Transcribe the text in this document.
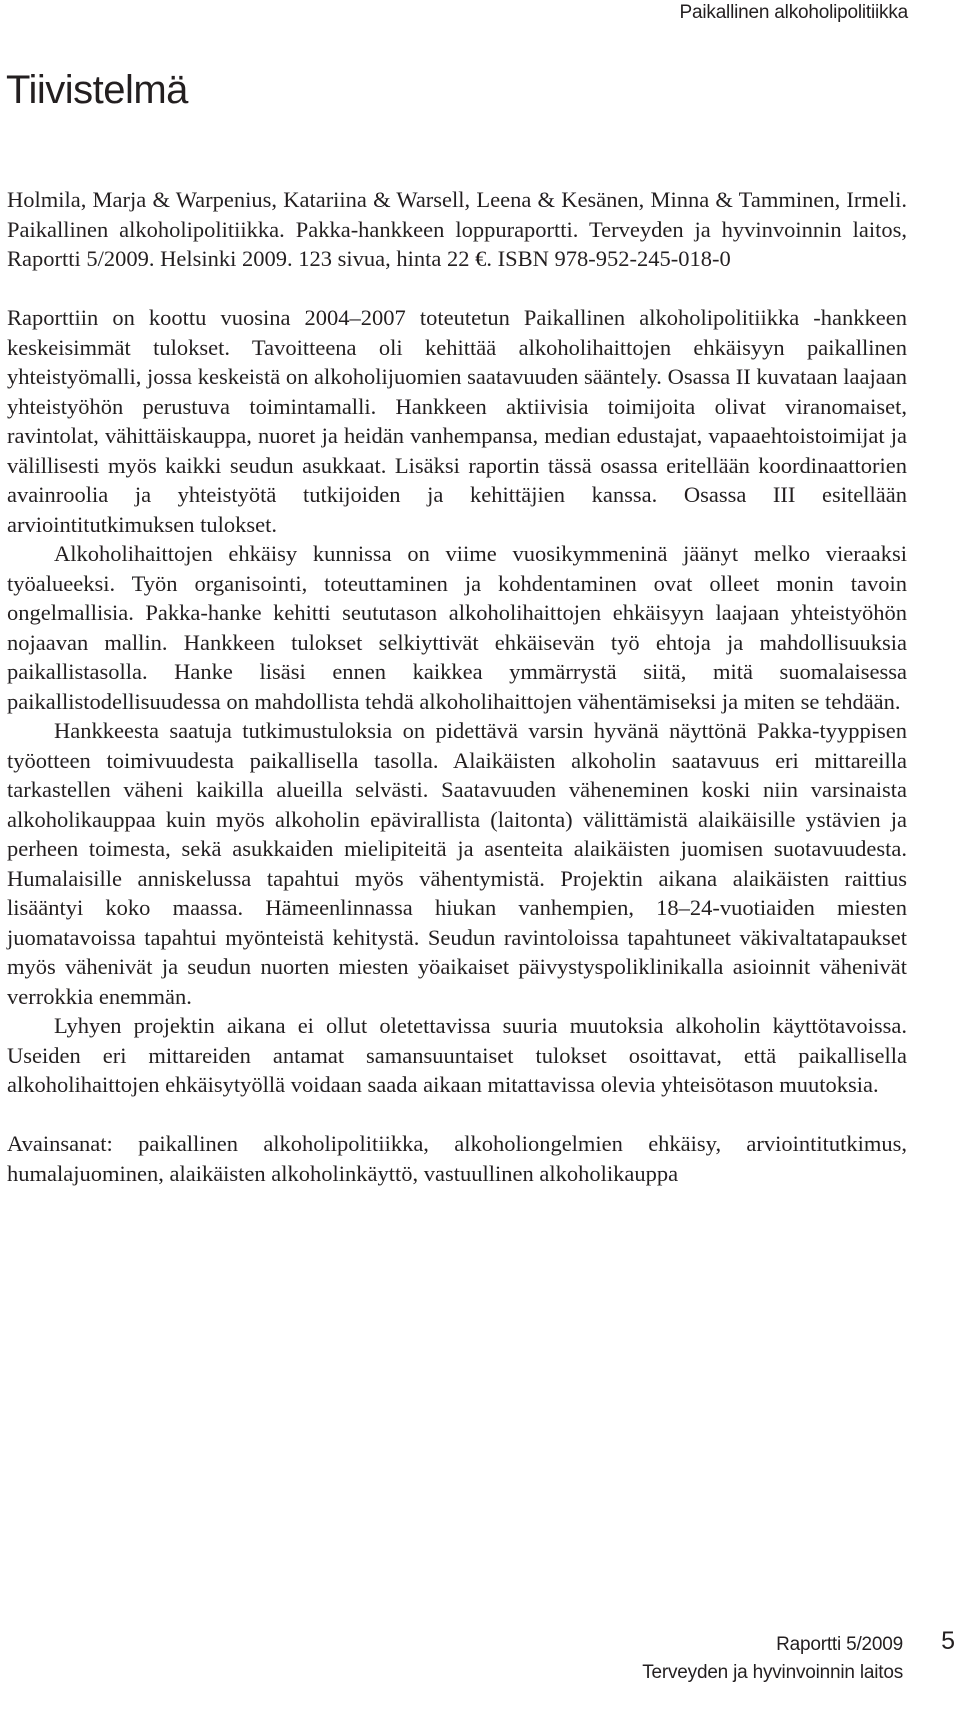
Paikallinen alkoholipolitiikka
Tiivistelmä

Holmila, Marja & Warpenius, Katariina & Warsell, Leena & Kesänen, Minna & Tamminen, Irmeli. Paikallinen alkoholipolitiikka. Pakka-hankkeen loppuraportti. Terveyden ja hyvinvoinnin laitos, Raportti 5/2009. Helsinki 2009. 123 sivua, hinta 22 €. ISBN 978-952-245-018-0

Raporttiin on koottu vuosina 2004–2007 toteutetun Paikallinen alkoholipolitiikka -hankkeen keskeisimmät tulokset. Tavoitteena oli kehittää alkoholihaittojen ehkäisyyn paikallinen yhteistyömalli, jossa keskeistä on alkoholijuomien saatavuuden sääntely. Osassa II kuvataan laajaan yhteistyöhön perustuva toimintamalli. Hankkeen aktiivisia toimijoita olivat viranomaiset, ravintolat, vähittäiskauppa, nuoret ja heidän vanhempansa, median edustajat, vapaaehtoistoimijat ja välillisesti myös kaikki seudun asukkaat. Lisäksi raportin tässä osassa eritellään koordinaattorien avainroolia ja yhteistyötä tutkijoiden ja kehittäjien kanssa. Osassa III esitellään arviointitutkimuksen tulokset.

Alkoholihaittojen ehkäisy kunnissa on viime vuosikymmeninä jäänyt melko vieraaksi työalueeksi. Työn organisointi, toteuttaminen ja kohdentaminen ovat olleet monin tavoin ongelmallisia. Pakka-hanke kehitti seututason alkoholihaittojen ehkäisyyn laajaan yhteistyöhön nojaavan mallin. Hankkeen tulokset selkiyttivät ehkäisevän työ ehtoja ja mahdollisuuksia paikallistasolla. Hanke lisäsi ennen kaikkea ymmärrystä siitä, mitä suomalaisessa paikallistodellisuudessa on mahdollista tehdä alkoholihaittojen vähentämiseksi ja miten se tehdään.

Hankkeesta saatuja tutkimustuloksia on pidettävä varsin hyvänä näyttönä Pakka-tyyppisen työotteen toimivuudesta paikallisella tasolla. Alaikäisten alkoholin saatavuus eri mittareilla tarkastellen väheni kaikilla alueilla selvästi. Saatavuuden väheneminen koski niin varsinaista alkoholikauppaa kuin myös alkoholin epävirallista (laitonta) välittämistä alaikäisille ystävien ja perheen toimesta, sekä asukkaiden mielipiteitä ja asenteita alaikäisten juomisen suotavuudesta. Humalaisille anniskelussa tapahtui myös vähentymistä. Projektin aikana alaikäisten raittius lisääntyi koko maassa. Hämeenlinnassa hiukan vanhempien, 18–24-vuotiaiden miesten juomatavoissa tapahtui myönteistä kehitystä. Seudun ravintoloissa tapahtuneet väkivaltatapaukset myös vähenivät ja seudun nuorten miesten yöaikaiset päivystyspoliklinikalla asioinnit vähenivät verrokkia enemmän.

Lyhyen projektin aikana ei ollut oletettavissa suuria muutoksia alkoholin käyttötavoissa. Useiden eri mittareiden antamat samansuuntaiset tulokset osoittavat, että paikallisella alkoholihaittojen ehkäisytyöllä voidaan saada aikaan mitattavissa olevia yhteisötason muutoksia.

Avainsanat: paikallinen alkoholipolitiikka, alkoholiongelmien ehkäisy, arviointitutkimus, humalajuominen, alaikäisten alkoholinkäyttö, vastuullinen alkoholikauppa

Raportti 5/2009
Terveyden ja hyvinvoinnin laitos
5
